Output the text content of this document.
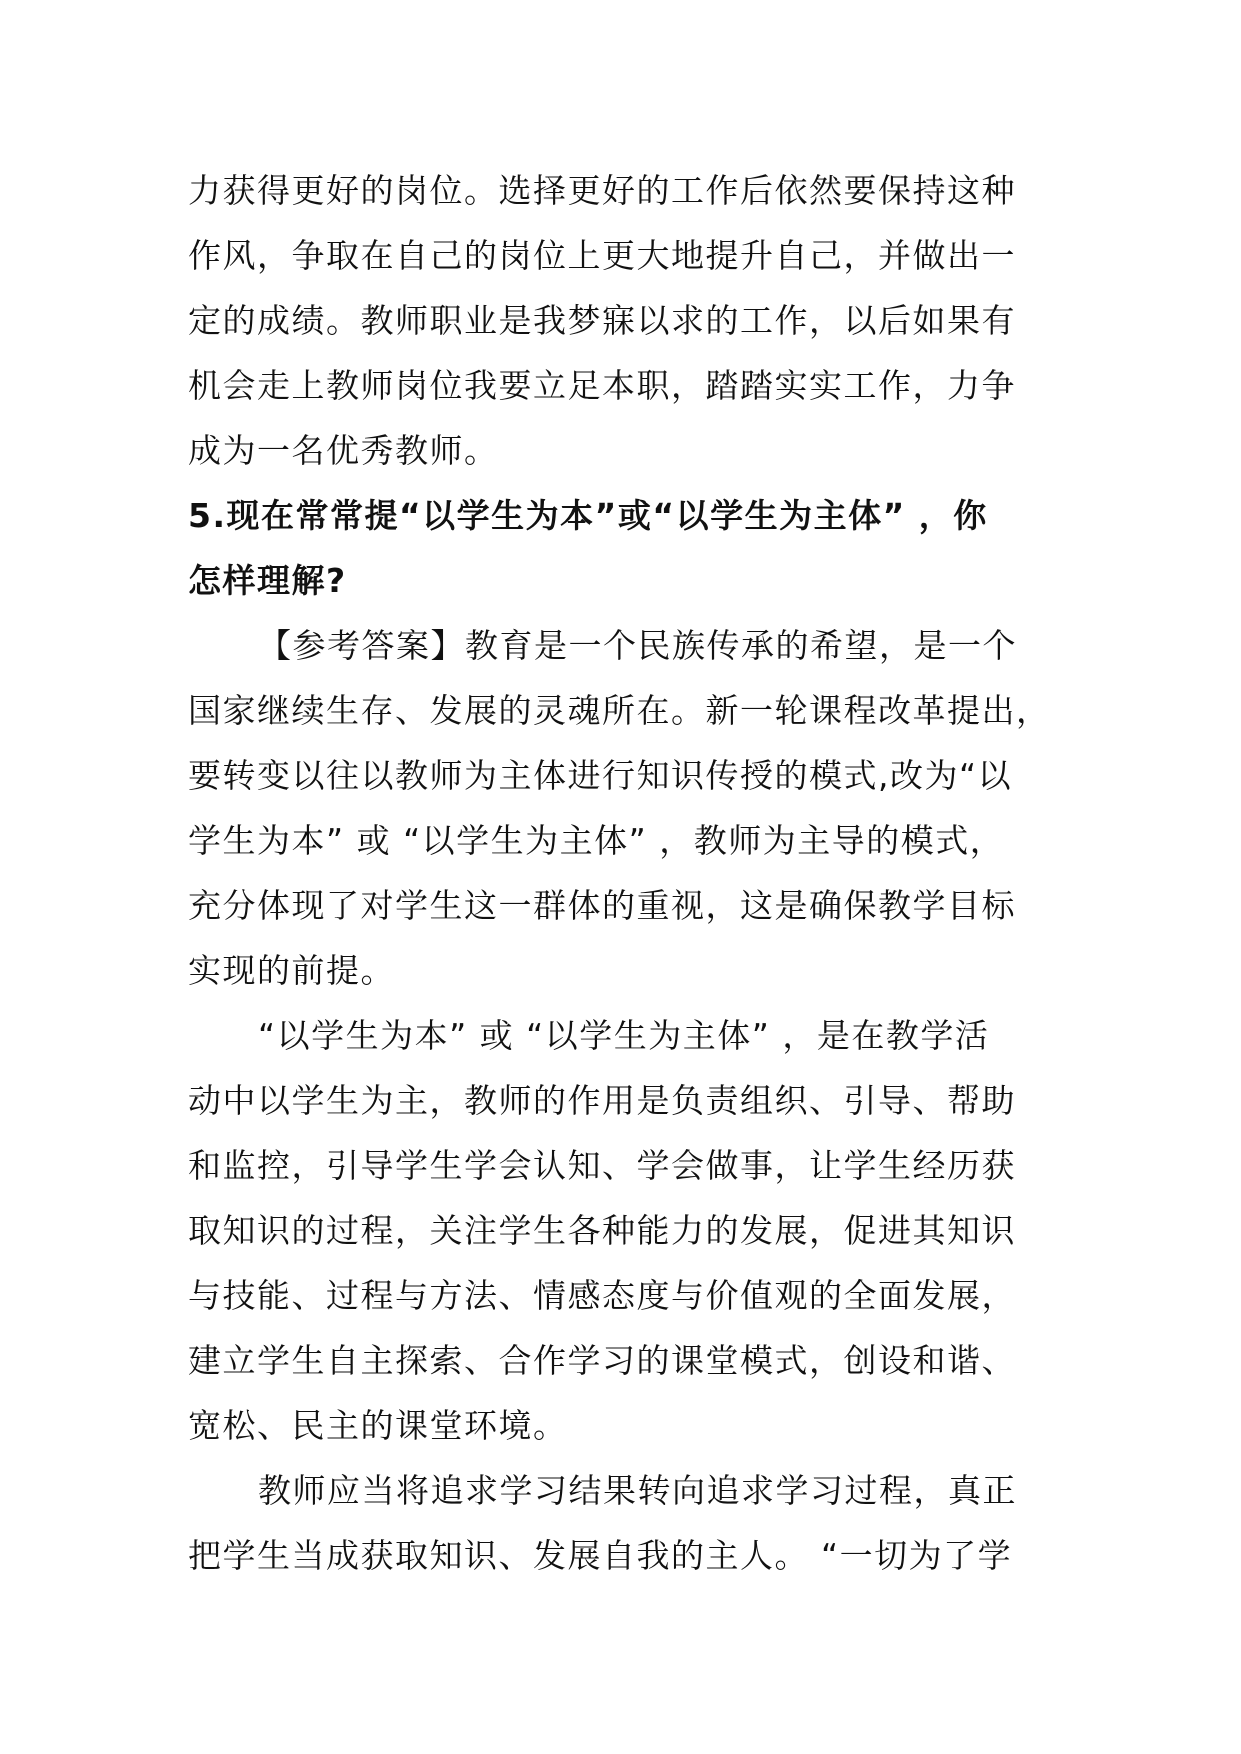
力获得更好的岗位。选择更好的工作后依然要保持这种
作风，争取在自己的岗位上更大地提升自己，并做出一
定的成绩。教师职业是我梦寐以求的工作，以后如果有
机会走上教师岗位我要立足本职，踏踏实实工作，力争
成为一名优秀教师。
5.现在常常提“以学生为本”或“以学生为主体” ，你
怎样理解?
【参考答案】教育是一个民族传承的希望，是一个
国家继续生存、发展的灵魂所在。新一轮课程改革提出，
要转变以往以教师为主体进行知识传授的模式,改为“以
学生为本” 或 “以学生为主体” ，教师为主导的模式，
充分体现了对学生这一群体的重视，这是确保教学目标
实现的前提。
“以学生为本” 或 “以学生为主体” ，是在教学活
动中以学生为主，教师的作用是负责组织、引导、帮助
和监控，引导学生学会认知、学会做事，让学生经历获
取知识的过程，关注学生各种能力的发展，促进其知识
与技能、过程与方法、情感态度与价值观的全面发展，
建立学生自主探索、合作学习的课堂模式，创设和谐、
宽松、民主的课堂环境。
教师应当将追求学习结果转向追求学习过程，真正
把学生当成获取知识、发展自我的主人。 “一切为了学
